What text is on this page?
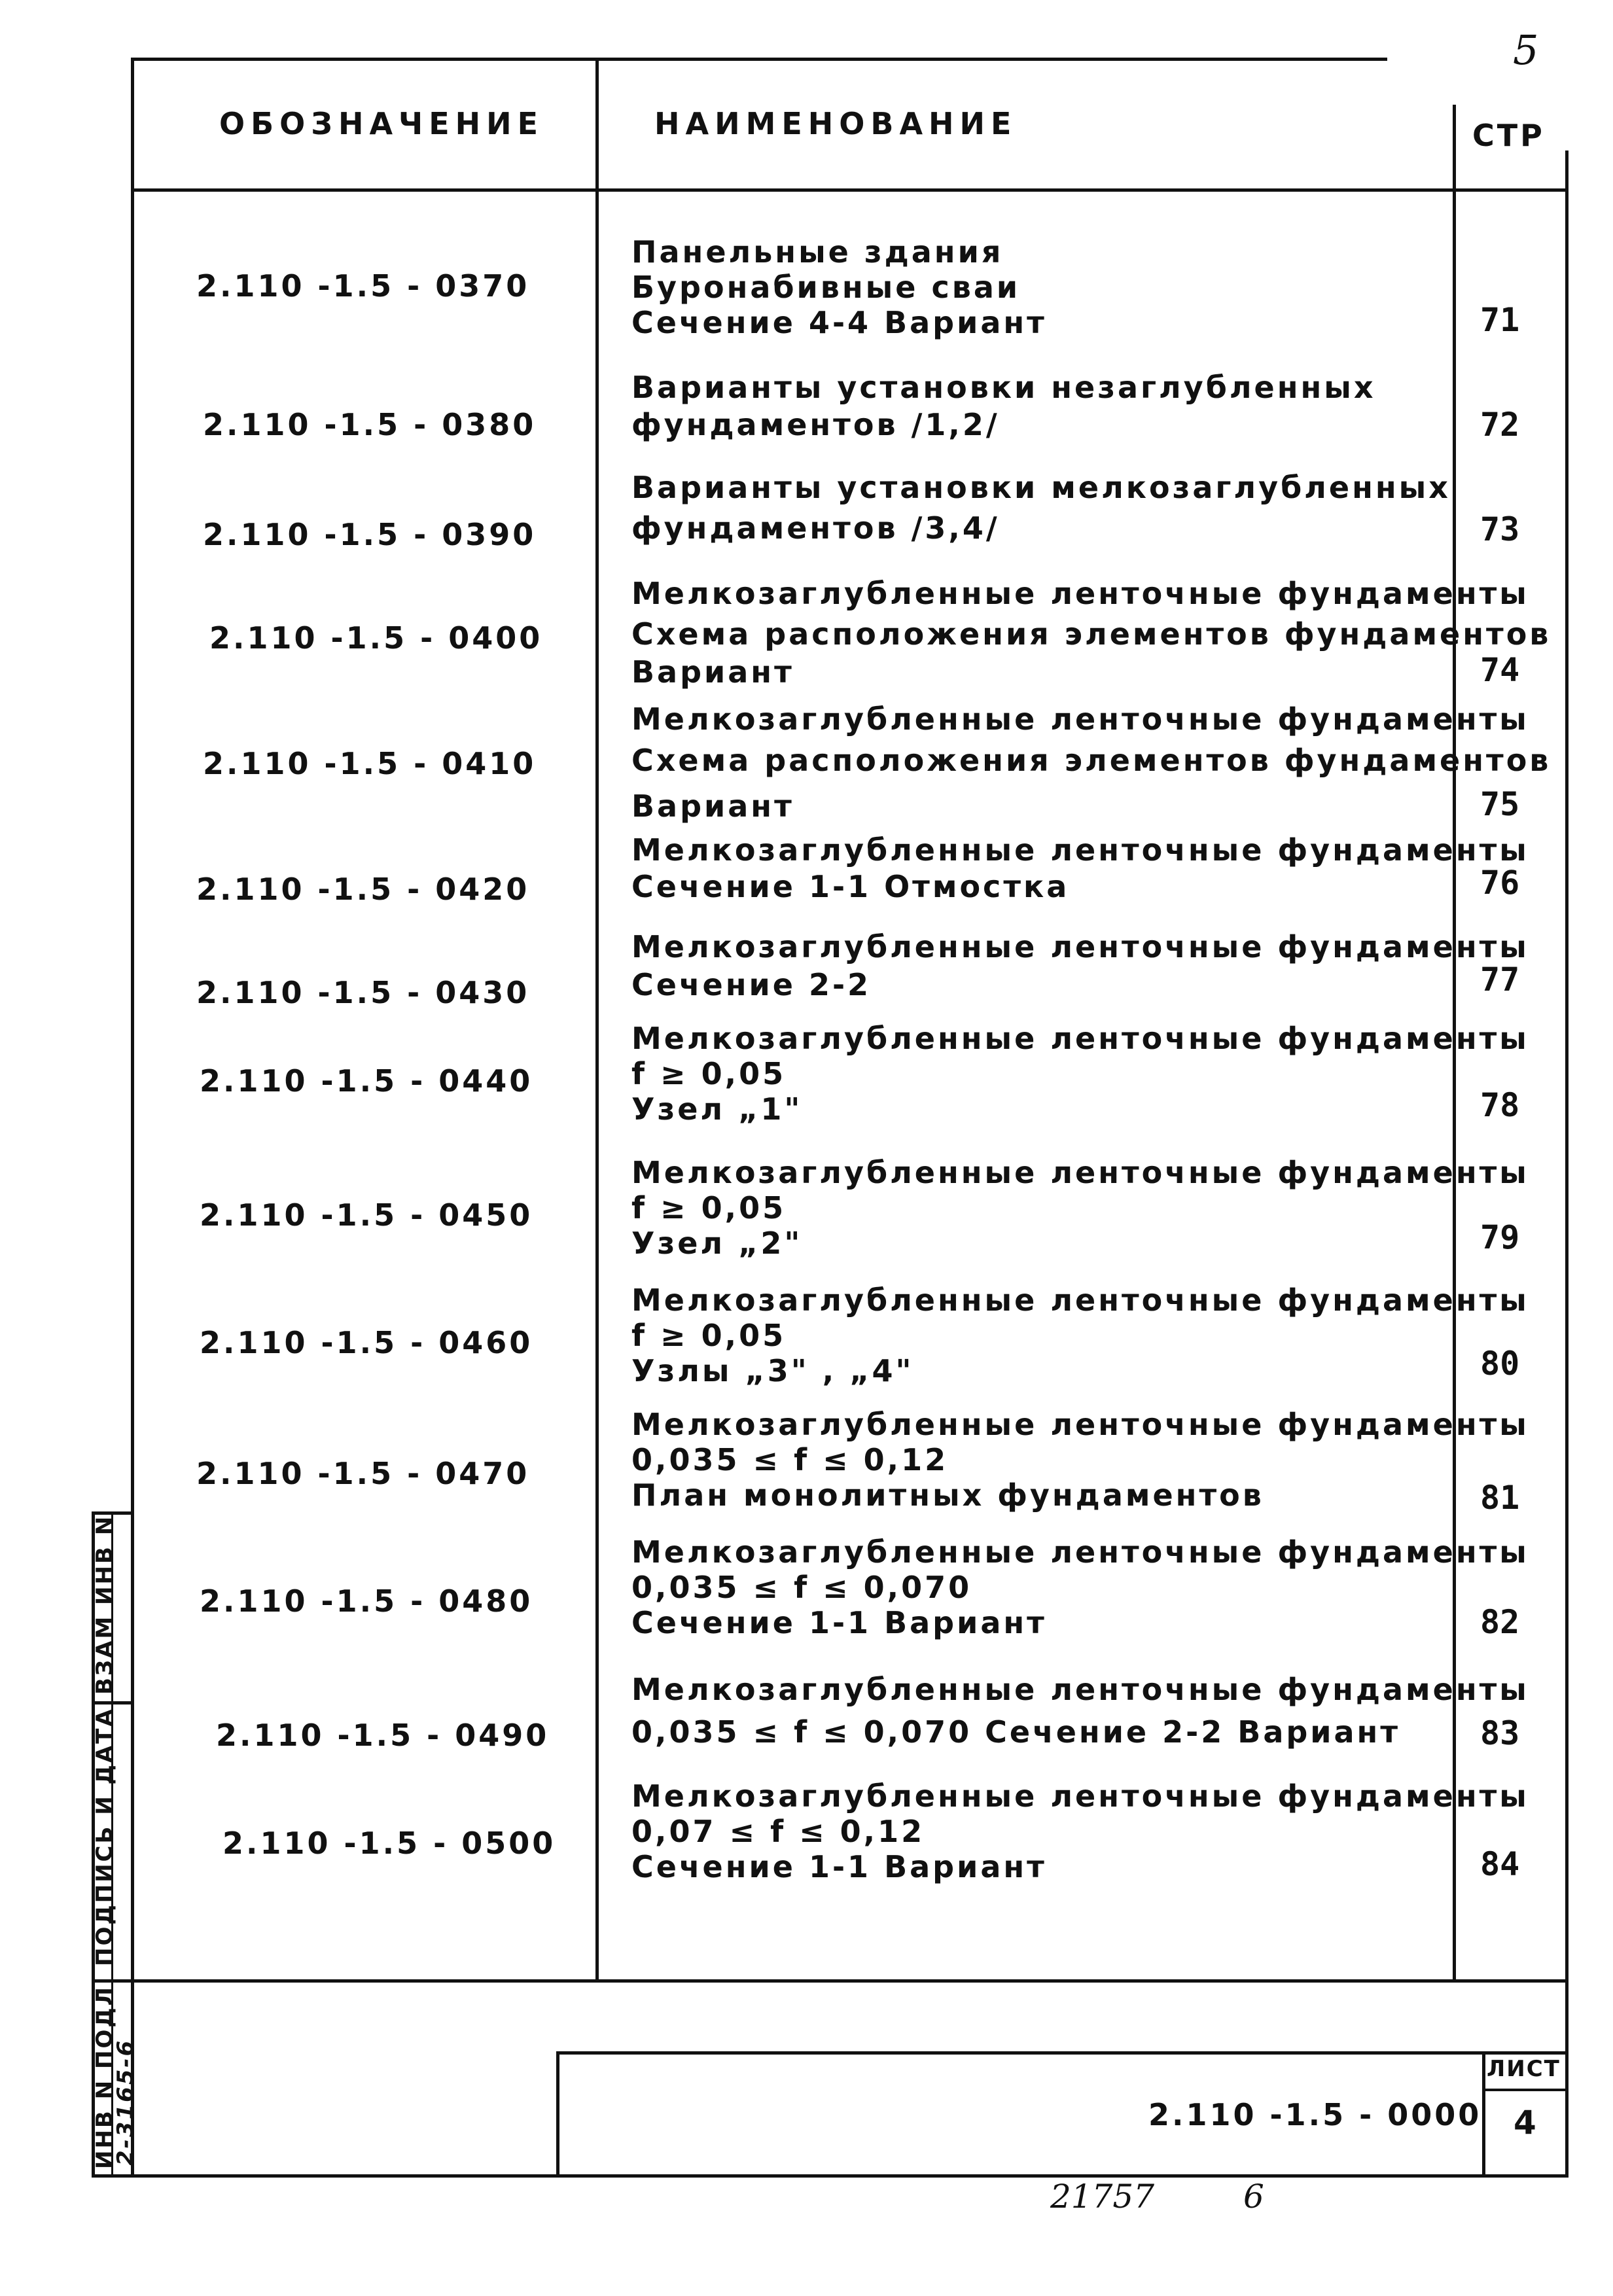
5
ОБОЗНАЧЕНИЕ	НАИМЕНОВАНИЕ	СТР
2.110 -1.5 - 0370
Панельные здания
Буронабивные сваи
Сечение 4-4 Вариант	71
2.110 -1.5 - 0380
Варианты установки незаглубленных
фундаментов /1,2/	72
2.110 -1.5 - 0390
Варианты установки мелкозаглубленных
фундаментов /3,4/	73
2.110 -1.5 - 0400
Мелкозаглубленные ленточные фундаменты
Схема расположения элементов фундаментов
Вариант	74
2.110 -1.5 - 0410
Мелкозаглубленные ленточные фундаменты
Схема расположения элементов фундаментов
Вариант	75
2.110 -1.5 - 0420
Мелкозаглубленные ленточные фундаменты
Сечение 1-1 Отмостка	76
2.110 -1.5 - 0430
Мелкозаглубленные ленточные фундаменты
Сечение 2-2	77
2.110 -1.5 - 0440
Мелкозаглубленные ленточные фундаменты
f ≥ 0,05
Узел „1"	78
2.110 -1.5 - 0450
Мелкозаглубленные ленточные фундаменты
f ≥ 0,05
Узел „2"	79
2.110 -1.5 - 0460
Мелкозаглубленные ленточные фундаменты
f ≥ 0,05
Узлы „3" , „4"	80
2.110 -1.5 - 0470
Мелкозаглубленные ленточные фундаменты
0,035 ≤ f ≤ 0,12
План монолитных фундаментов	81
2.110 -1.5 - 0480
Мелкозаглубленные ленточные фундаменты
0,035 ≤ f ≤ 0,070
Сечение 1-1 Вариант	82
2.110 -1.5 - 0490
Мелкозаглубленные ленточные фундаменты
0,035 ≤ f ≤ 0,070 Сечение 2-2 Вариант 83
2.110 -1.5 - 0500
Мелкозаглубленные ленточные фундаменты
0,07 ≤ f ≤ 0,12
Сечение 1-1 Вариант	84
ВЗАМ ИНВ N
ПОДПИСЬ И ДАТА
ИНВ N ПОДЛ
2-3165-6	2.110 -1.5 - 0000
ЛИСТ
4
21757	6
